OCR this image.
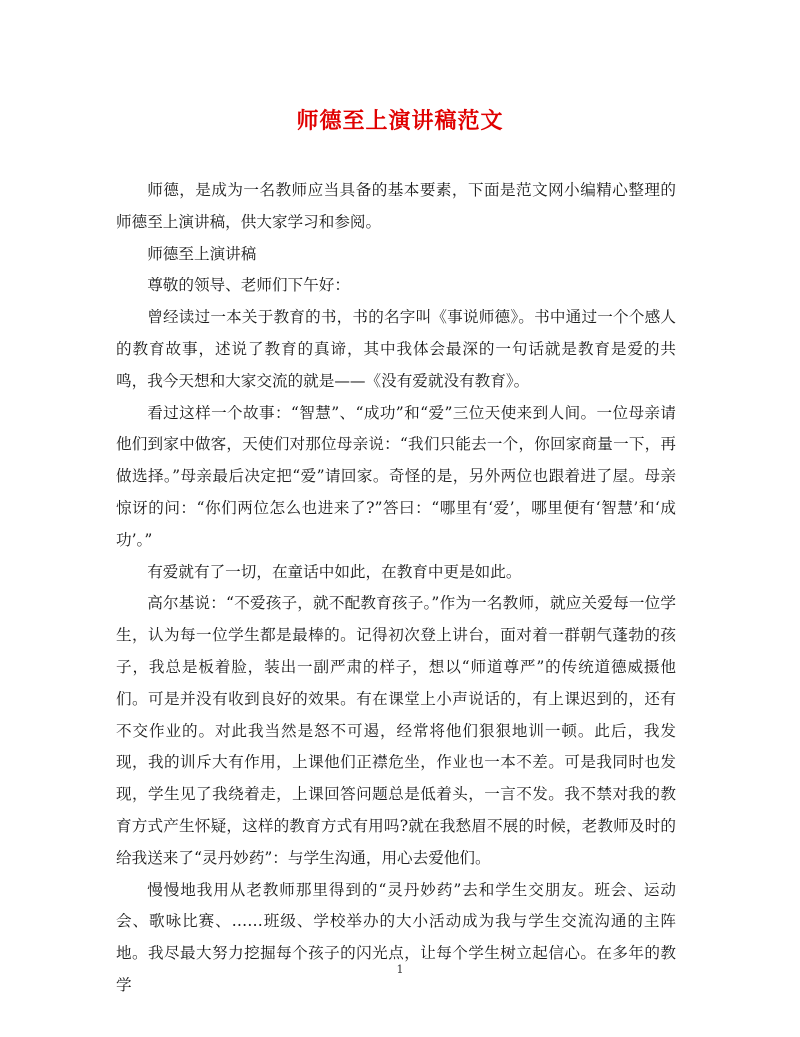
师德至上演讲稿范文

师德，是成为一名教师应当具备的基本要素，下面是范文网小编精心整理的师德至上演讲稿，供大家学习和参阅。

师德至上演讲稿

尊敬的领导、老师们下午好：

曾经读过一本关于教育的书，书的名字叫《事说师德》。书中通过一个个感人的教育故事，述说了教育的真谛，其中我体会最深的一句话就是教育是爱的共鸣，我今天想和大家交流的就是——《没有爱就没有教育》。

看过这样一个故事：“智慧”、“成功”和“爱”三位天使来到人间。一位母亲请他们到家中做客，天使们对那位母亲说：“我们只能去一个，你回家商量一下，再做选择。”母亲最后决定把“爱”请回家。奇怪的是，另外两位也跟着进了屋。母亲惊讶的问：“你们两位怎么也进来了?”答曰：“哪里有‘爱’，哪里便有‘智慧’和‘成功’。”

有爱就有了一切，在童话中如此，在教育中更是如此。

高尔基说：“不爱孩子，就不配教育孩子。”作为一名教师，就应关爱每一位学生，认为每一位学生都是最棒的。记得初次登上讲台，面对着一群朝气蓬勃的孩子，我总是板着脸，装出一副严肃的样子，想以“师道尊严”的传统道德威摄他们。可是并没有收到良好的效果。有在课堂上小声说话的，有上课迟到的，还有不交作业的。对此我当然是怒不可遏，经常将他们狠狠地训一顿。此后，我发现，我的训斥大有作用，上课他们正襟危坐，作业也一本不差。可是我同时也发现，学生见了我绕着走，上课回答问题总是低着头，一言不发。我不禁对我的教育方式产生怀疑，这样的教育方式有用吗?就在我愁眉不展的时候，老教师及时的给我送来了“灵丹妙药”：与学生沟通，用心去爱他们。

慢慢地我用从老教师那里得到的“灵丹妙药”去和学生交朋友。班会、运动会、歌咏比赛、……班级、学校举办的大小活动成为我与学生交流沟通的主阵地。我尽最大努力挖掘每个孩子的闪光点，让每个学生树立起信心。在多年的教学

1
